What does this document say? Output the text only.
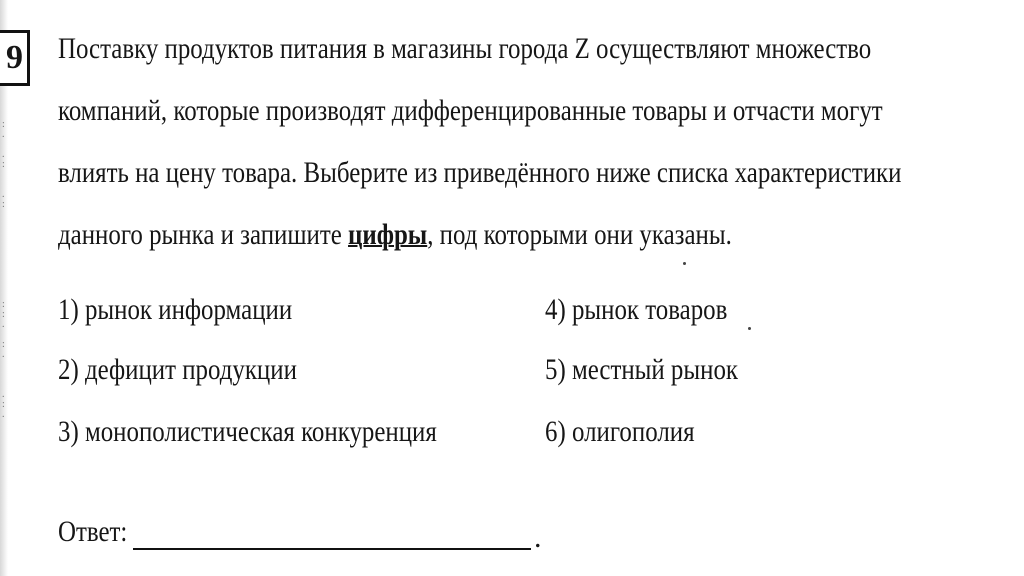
9
:
.

.
:

.
:
:
:
.

:
.

.
:
.
Поставку продуктов питания в магазины города Z осуществляют множество
компаний, которые производят дифференцированные товары и отчасти могут
влиять на цену товара. Выберите из приведённого ниже списка характеристики
данного рынка и запишите цифры, под которыми они указаны.
1) рынок информации
2) дефицит продукции
3) монополистическая конкуренция
4) рынок товаров
5) местный рынок
6) олигополия
Ответ:	.
